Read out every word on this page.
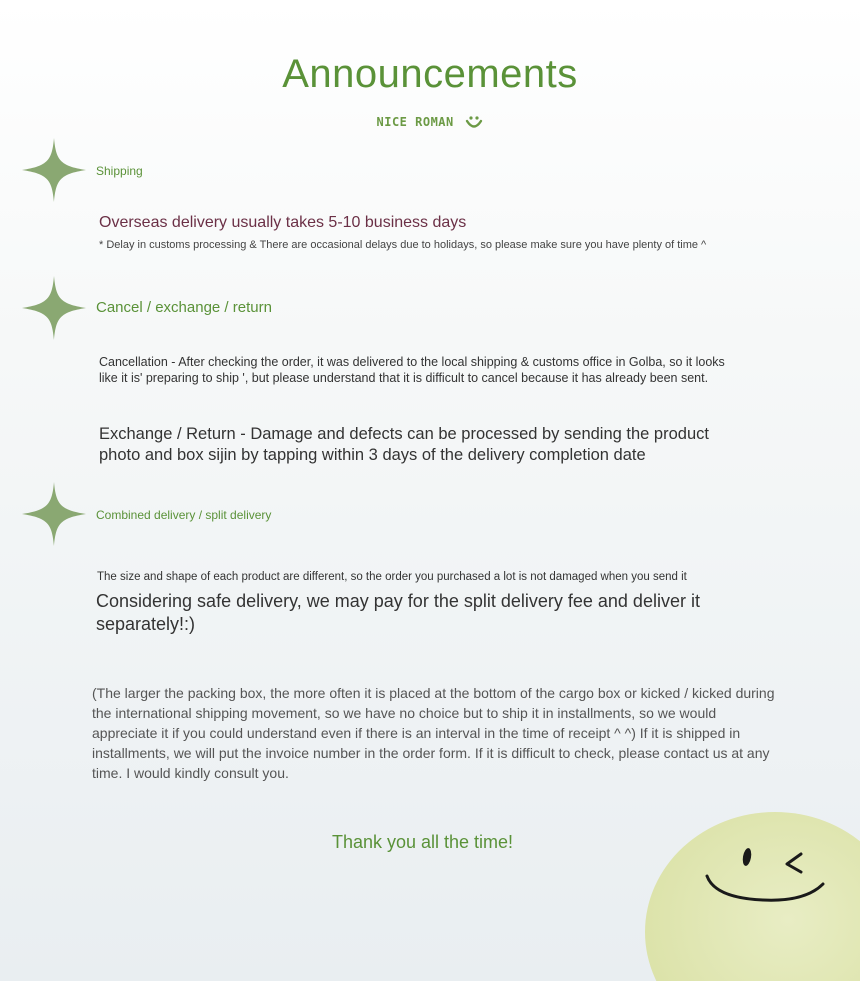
Announcements
NICE ROMAN
Shipping
Overseas delivery usually takes 5-10 business days
* Delay in customs processing & There are occasional delays due to holidays, so please make sure you have plenty of time ^
Cancel / exchange / return
Cancellation - After checking the order, it was delivered to the local shipping & customs office in Golba, so it looks
like it is' preparing to ship ', but please understand that it is difficult to cancel because it has already been sent.
Exchange / Return - Damage and defects can be processed by sending the product
photo and box sijin by tapping within 3 days of the delivery completion date
Combined delivery / split delivery
The size and shape of each product are different, so the order you purchased a lot is not damaged when you send it
Considering safe delivery, we may pay for the split delivery fee and deliver it
separately!:)
(The larger the packing box, the more often it is placed at the bottom of the cargo box or kicked / kicked during
the international shipping movement, so we have no choice but to ship it in installments, so we would
appreciate it if you could understand even if there is an interval in the time of receipt ^ ^) If it is shipped in
installments, we will put the invoice number in the order form. If it is difficult to check, please contact us at any
time. I would kindly consult you.
Thank you all the time!
